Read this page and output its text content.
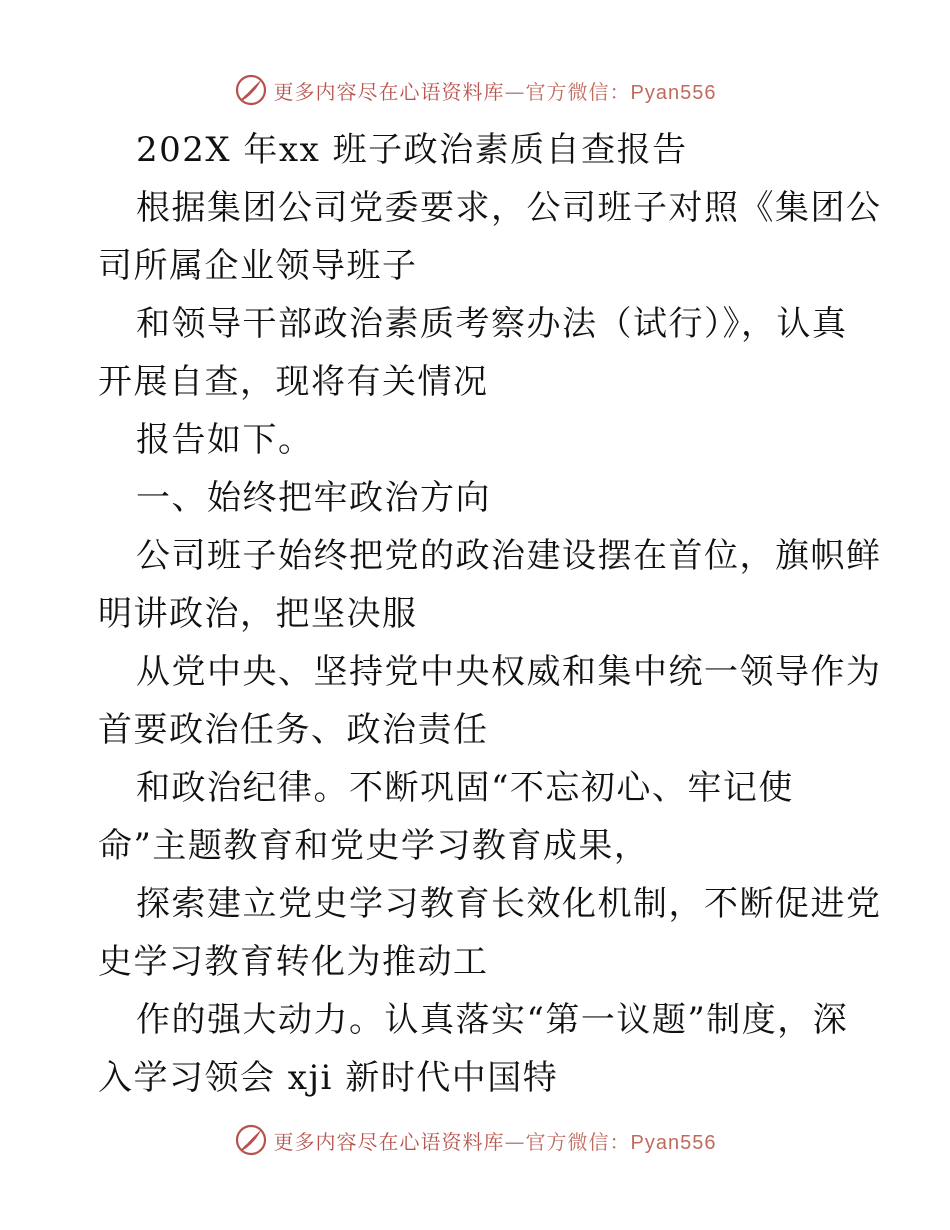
更多内容尽在心语资料库—官方微信：Pyan556
202X 年xx 班子政治素质自查报告
根据集团公司党委要求，公司班子对照《集团公
司所属企业领导班子
和领导干部政治素质考察办法（试行）》，认真
开展自查，现将有关情况
报告如下。
一、始终把牢政治方向
公司班子始终把党的政治建设摆在首位，旗帜鲜
明讲政治，把坚决服
从党中央、坚持党中央权威和集中统一领导作为
首要政治任务、政治责任
和政治纪律。不断巩固“不忘初心、牢记使
命”主题教育和党史学习教育成果，
探索建立党史学习教育长效化机制，不断促进党
史学习教育转化为推动工
作的强大动力。认真落实“第一议题”制度，深
入学习领会 xji 新时代中国特
更多内容尽在心语资料库—官方微信：Pyan556
